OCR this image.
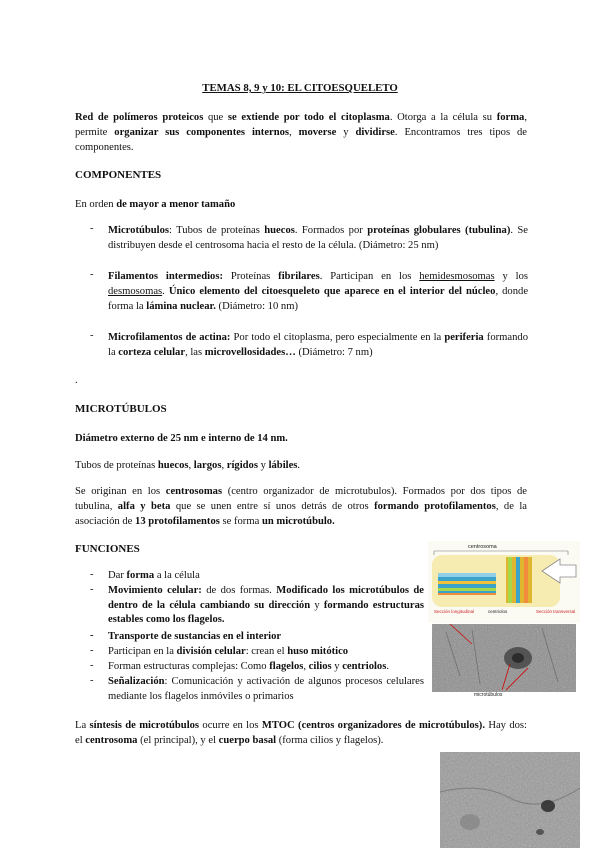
TEMAS 8, 9 y 10: EL CITOESQUELETO
Red de polímeros proteicos que se extiende por todo el citoplasma. Otorga a la célula su forma, permite organizar sus componentes internos, moverse y dividirse. Encontramos tres tipos de componentes.
COMPONENTES
En orden de mayor a menor tamaño
- Microtúbulos: Tubos de proteínas huecos. Formados por proteínas globulares (tubulina). Se distribuyen desde el centrosoma hacia el resto de la célula. (Diámetro: 25 nm)
- Filamentos intermedios: Proteínas fibrilares. Participan en los hemidesmosomas y los desmosomas. Único elemento del citoesqueleto que aparece en el interior del núcleo, donde forma la lámina nuclear. (Diámetro: 10 nm)
- Microfilamentos de actina: Por todo el citoplasma, pero especialmente en la periferia formando la corteza celular, las microvellosidades… (Diámetro: 7 nm)
.
MICROTÚBULOS
Diámetro externo de 25 nm e interno de 14 nm.
Tubos de proteínas huecos, largos, rígidos y lábiles.
Se originan en los centrosomas (centro organizador de microtubulos). Formados por dos tipos de tubulina, alfa y beta que se unen entre sí unos detrás de otros formando protofilamentos, de la asociación de 13 protofilamentos se forma un microtúbulo.
FUNCIONES
- Dar forma a la célula
- Movimiento celular: de dos formas. Modificado los microtúbulos de dentro de la célula cambiando su dirección y formando estructuras estables como los flagelos.
- Transporte de sustancias en el interior
- Participan en la división celular: crean el huso mitótico
- Forman estructuras complejas: Como flagelos, cilios y centriolos.
- Señalización: Comunicación y activación de algunos procesos celulares mediante los flagelos inmóviles o primarios
La síntesis de microtúbulos ocurre en los MTOC (centros organizadores de microtúbulos). Hay dos: el centrosoma (el principal), y el cuerpo basal (forma cilios y flagelos).
centrosoma
Sección longitudinal	centriolos	Sección transversal
microtúbulos
